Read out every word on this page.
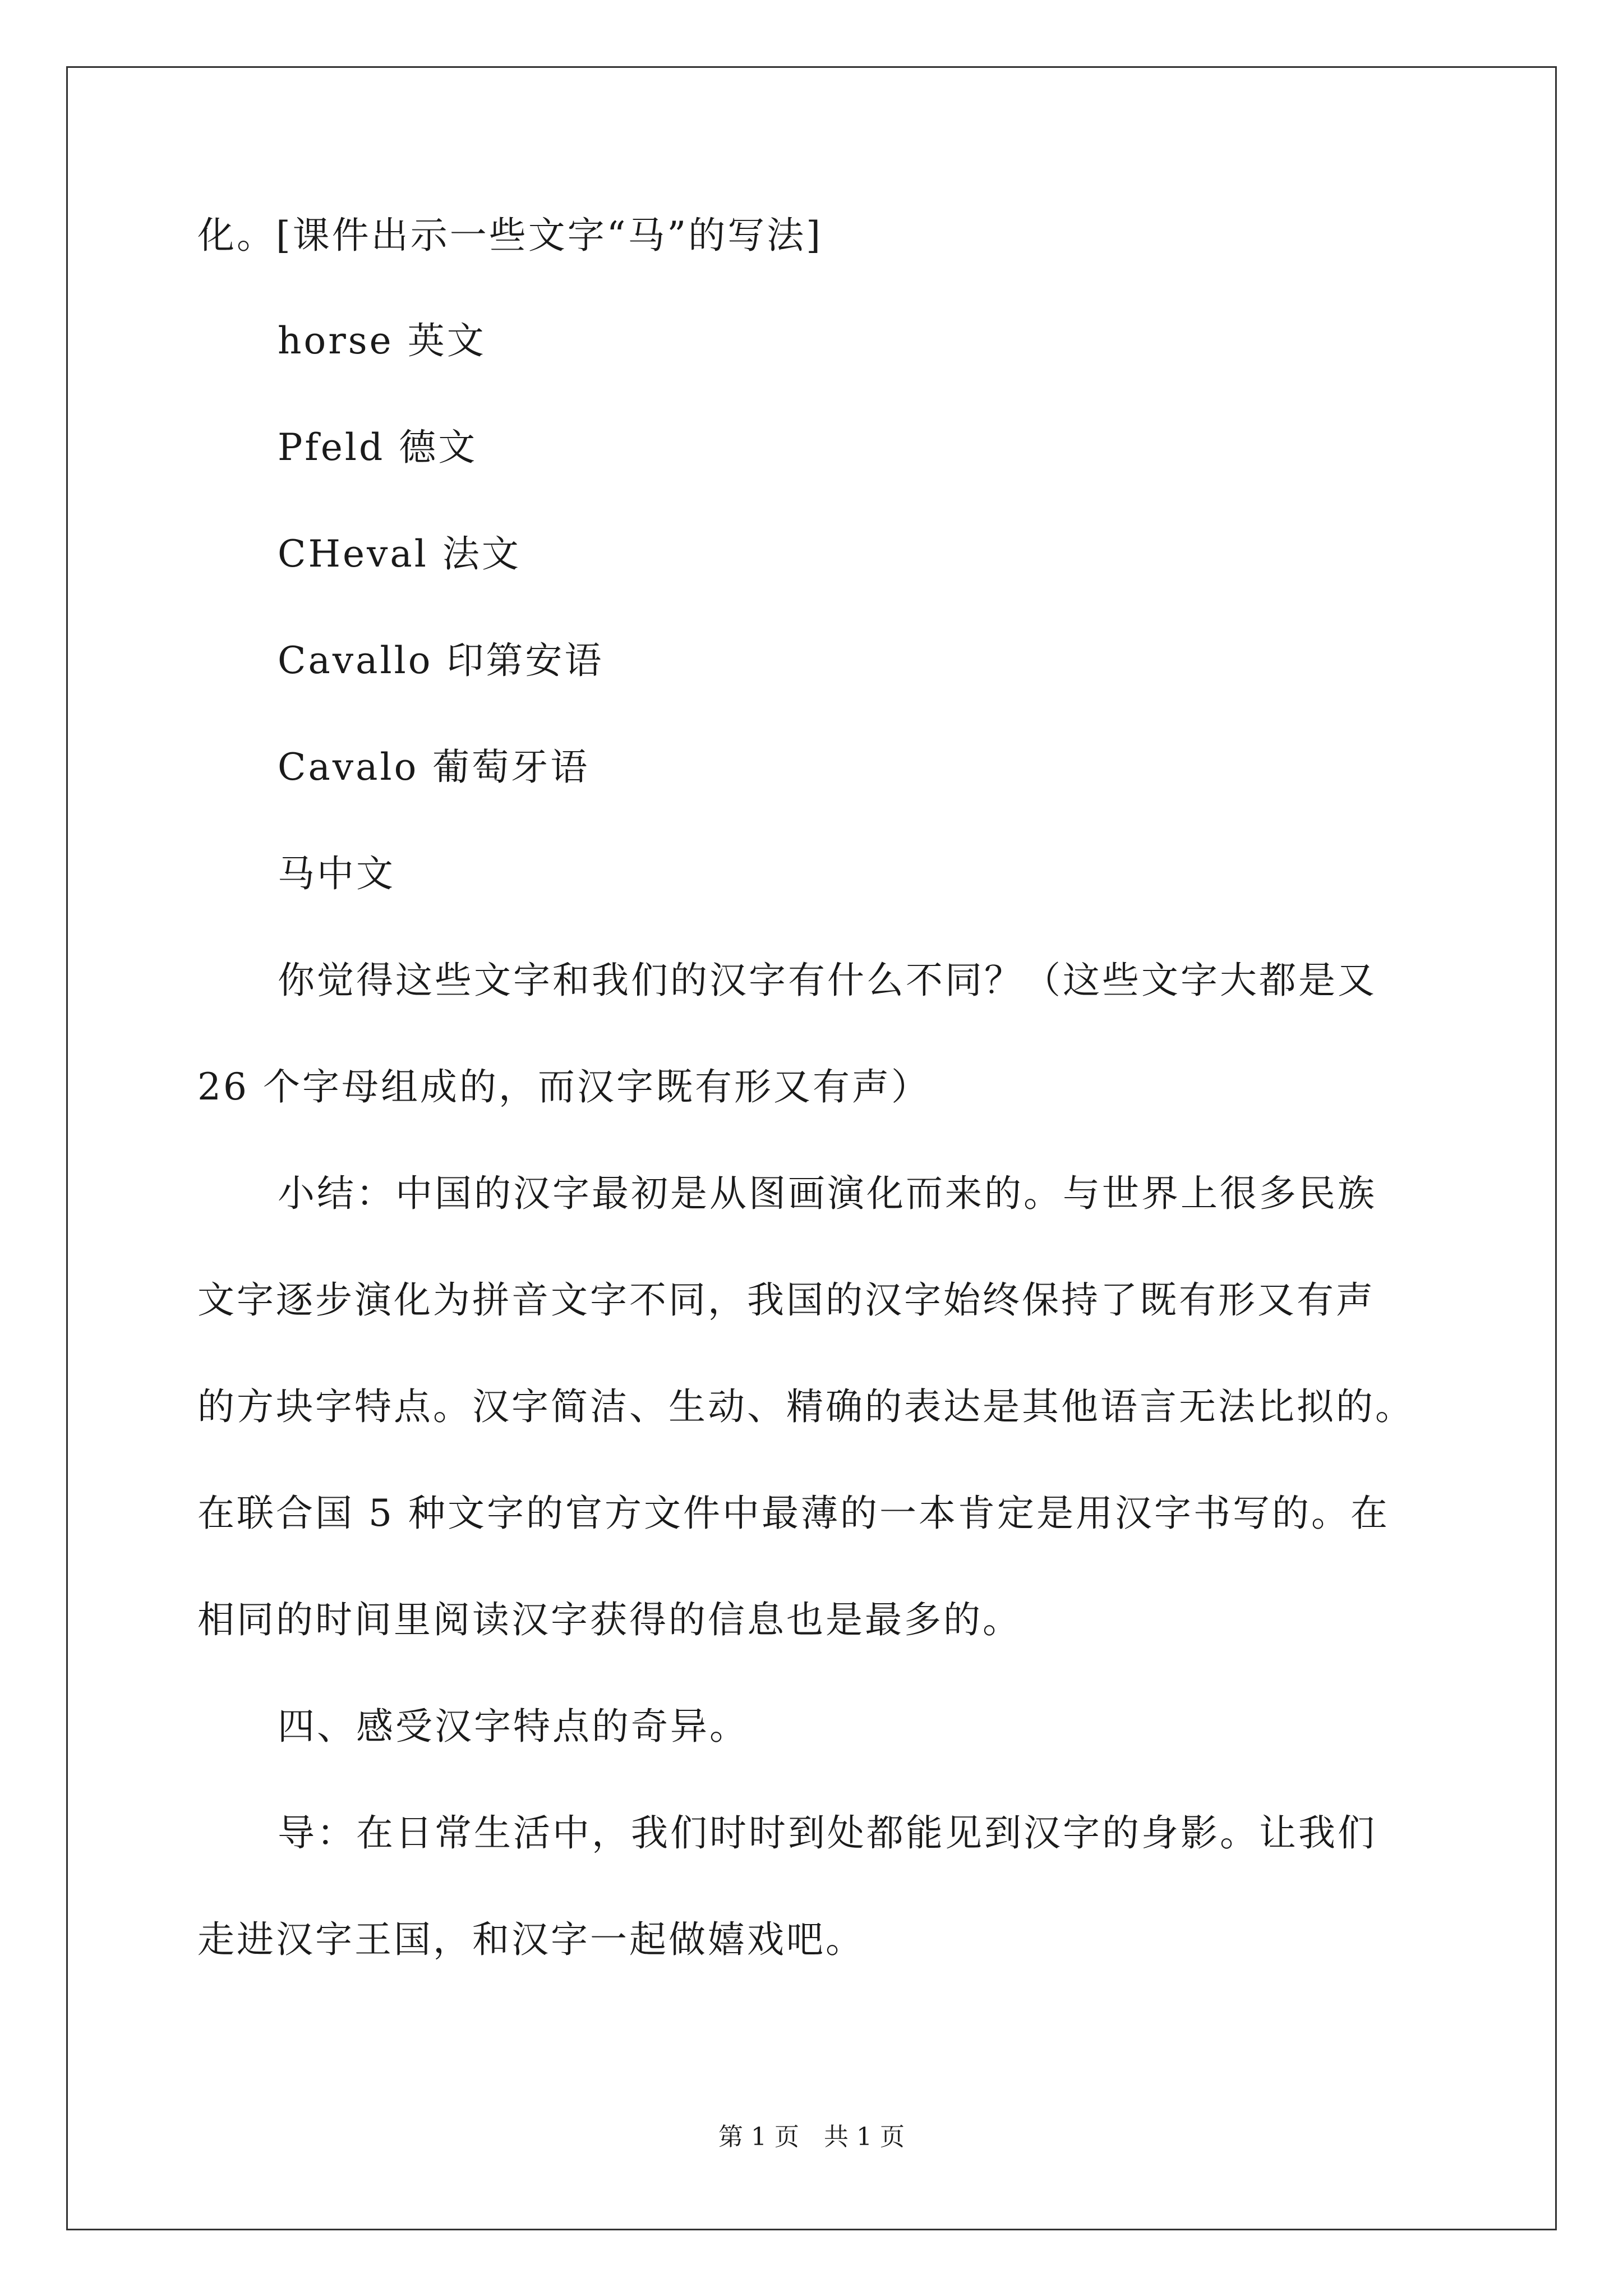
化。[课件出示一些文字“马”的写法]
horse 英文
Pfeld 德文
CHeval 法文
Cavallo 印第安语
Cavalo 葡萄牙语
马中文
你觉得这些文字和我们的汉字有什么不同？（这些文字大都是又
26 个字母组成的，而汉字既有形又有声）
小结：中国的汉字最初是从图画演化而来的。与世界上很多民族
文字逐步演化为拼音文字不同，我国的汉字始终保持了既有形又有声
的方块字特点。汉字简洁、生动、精确的表达是其他语言无法比拟的。
在联合国 5 种文字的官方文件中最薄的一本肯定是用汉字书写的。在
相同的时间里阅读汉字获得的信息也是最多的。
四、感受汉字特点的奇异。
导：在日常生活中，我们时时到处都能见到汉字的身影。让我们
走进汉字王国，和汉字一起做嬉戏吧。
第 1 页　共 1 页
